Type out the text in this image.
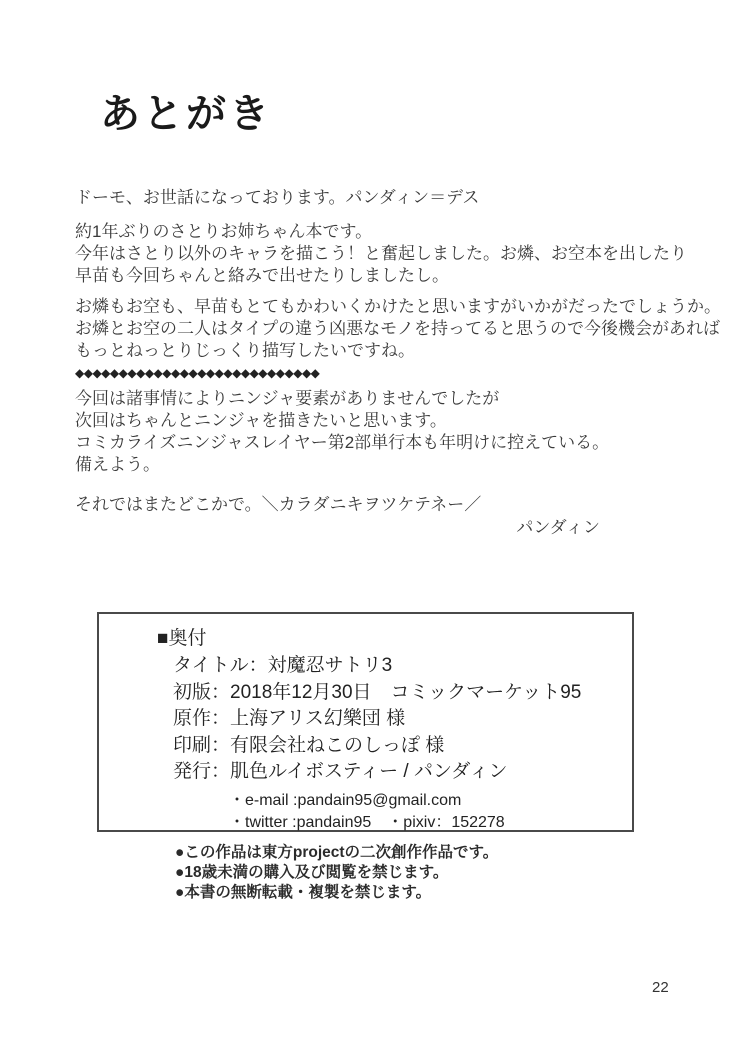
あとがき
ドーモ、お世話になっております。パンダィン＝デス
約1年ぶりのさとりお姉ちゃん本です。
今年はさとり以外のキャラを描こう！と奮起しました。お燐、お空本を出したり
早苗も今回ちゃんと絡みで出せたりしましたし。
お燐もお空も、早苗もとてもかわいくかけたと思いますがいかがだったでしょうか。
お燐とお空の二人はタイプの違う凶悪なモノを持ってると思うので今後機会があれば
もっとねっとりじっくり描写したいですね。
◆◆◆◆◆◆◆◆◆◆◆◆◆◆◆◆◆◆◆◆◆◆◆◆◆◆◆◆
今回は諸事情によりニンジャ要素がありませんでしたが
次回はちゃんとニンジャを描きたいと思います。
コミカライズニンジャスレイヤー第2部単行本も年明けに控えている。
備えよう。
それではまたどこかで。＼カラダニキヲツケテネー／
パンダィン
■奥付
タイトル：対魔忍サトリ3
初版：2018年12月30日　コミックマーケット95
原作：上海アリス幻樂団 様
印刷：有限会社ねこのしっぽ 様
発行：肌色ルイボスティー / パンダィン
・e-mail :pandain95@gmail.com
・twitter :pandain95　・pixiv：152278
●この作品は東方projectの二次創作作品です。
●18歳未満の購入及び閲覧を禁じます。
●本書の無断転載・複製を禁じます。
22
